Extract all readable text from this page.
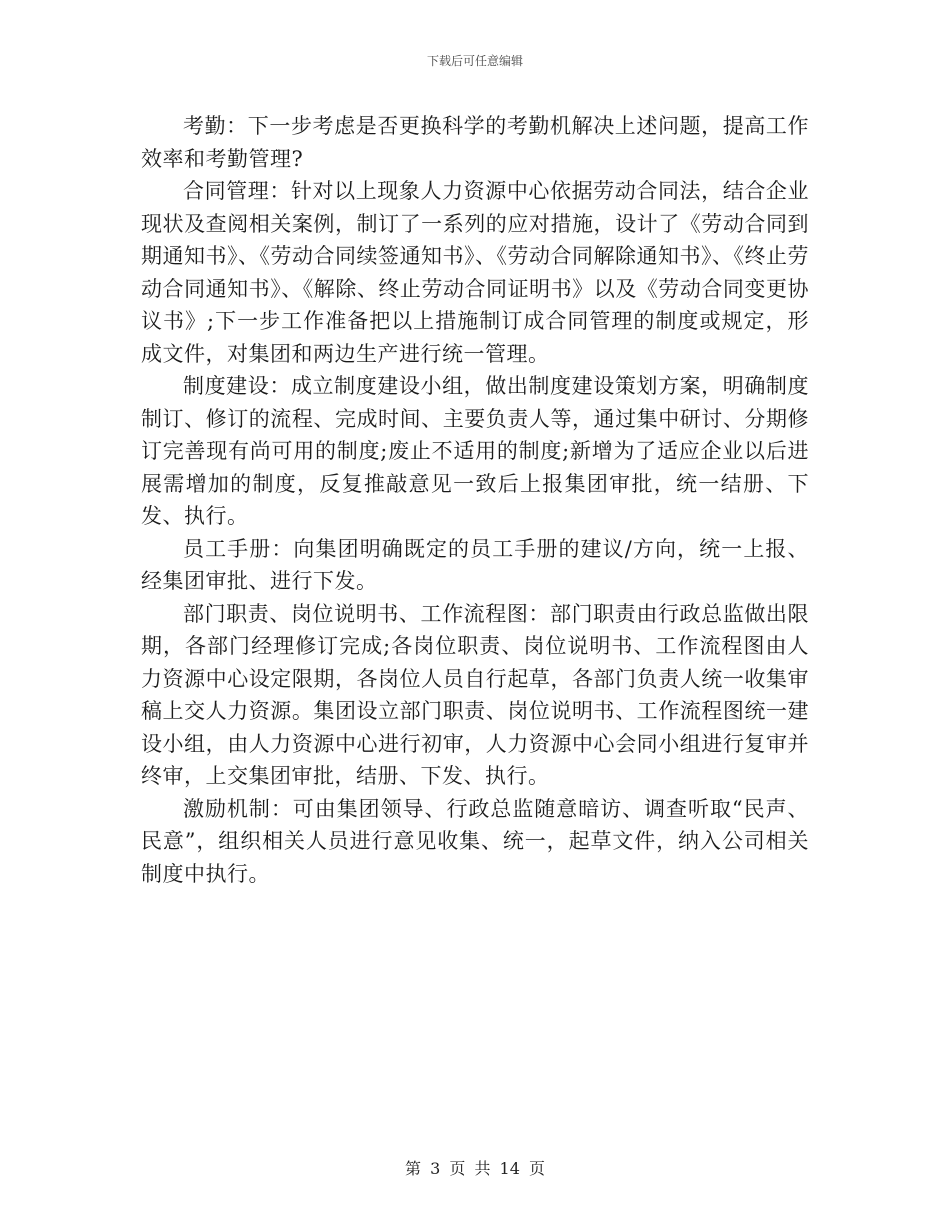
下载后可任意编辑

考勤：下一步考虑是否更换科学的考勤机解决上述问题，提高工作效率和考勤管理?

合同管理：针对以上现象人力资源中心依据劳动合同法，结合企业现状及查阅相关案例，制订了一系列的应对措施，设计了《劳动合同到期通知书》、《劳动合同续签通知书》、《劳动合同解除通知书》、《终止劳动合同通知书》、《解除、终止劳动合同证明书》以及《劳动合同变更协议书》;下一步工作准备把以上措施制订成合同管理的制度或规定，形成文件，对集团和两边生产进行统一管理。

制度建设：成立制度建设小组，做出制度建设策划方案，明确制度制订、修订的流程、完成时间、主要负责人等，通过集中研讨、分期修订完善现有尚可用的制度;废止不适用的制度;新增为了适应企业以后进展需增加的制度，反复推敲意见一致后上报集团审批，统一结册、下发、执行。

员工手册：向集团明确既定的员工手册的建议/方向，统一上报、经集团审批、进行下发。

部门职责、岗位说明书、工作流程图：部门职责由行政总监做出限期，各部门经理修订完成;各岗位职责、岗位说明书、工作流程图由人力资源中心设定限期，各岗位人员自行起草，各部门负责人统一收集审稿上交人力资源。集团设立部门职责、岗位说明书、工作流程图统一建设小组，由人力资源中心进行初审，人力资源中心会同小组进行复审并终审，上交集团审批，结册、下发、执行。

激励机制：可由集团领导、行政总监随意暗访、调查听取“民声、民意”，组织相关人员进行意见收集、统一，起草文件，纳入公司相关制度中执行。

第 3 页 共 14 页
